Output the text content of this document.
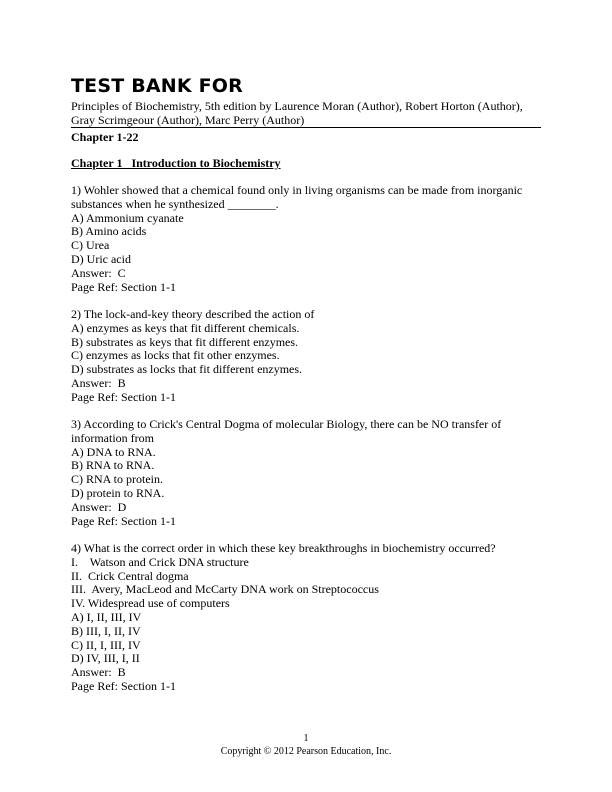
TEST BANK FOR
Principles of Biochemistry, 5th edition by Laurence Moran (Author), Robert Horton (Author), Gray Scrimgeour (Author), Marc Perry (Author)
Chapter 1-22
Chapter 1   Introduction to Biochemistry
1) Wohler showed that a chemical found only in living organisms can be made from inorganic substances when he synthesized ________.
A) Ammonium cyanate
B) Amino acids
C) Urea
D) Uric acid
Answer:  C
Page Ref: Section 1-1
2) The lock-and-key theory described the action of
A) enzymes as keys that fit different chemicals.
B) substrates as keys that fit different enzymes.
C) enzymes as locks that fit other enzymes.
D) substrates as locks that fit different enzymes.
Answer:  B
Page Ref: Section 1-1
3) According to Crick's Central Dogma of molecular Biology, there can be NO transfer of information from
A) DNA to RNA.
B) RNA to RNA.
C) RNA to protein.
D) protein to RNA.
Answer:  D
Page Ref: Section 1-1
4) What is the correct order in which these key breakthroughs in biochemistry occurred?
I.    Watson and Crick DNA structure
II.  Crick Central dogma
III.  Avery, MacLeod and McCarty DNA work on Streptococcus
IV. Widespread use of computers
A) I, II, III, IV
B) III, I, II, IV
C) II, I, III, IV
D) IV, III, I, II
Answer:  B
Page Ref: Section 1-1
1
Copyright © 2012 Pearson Education, Inc.
